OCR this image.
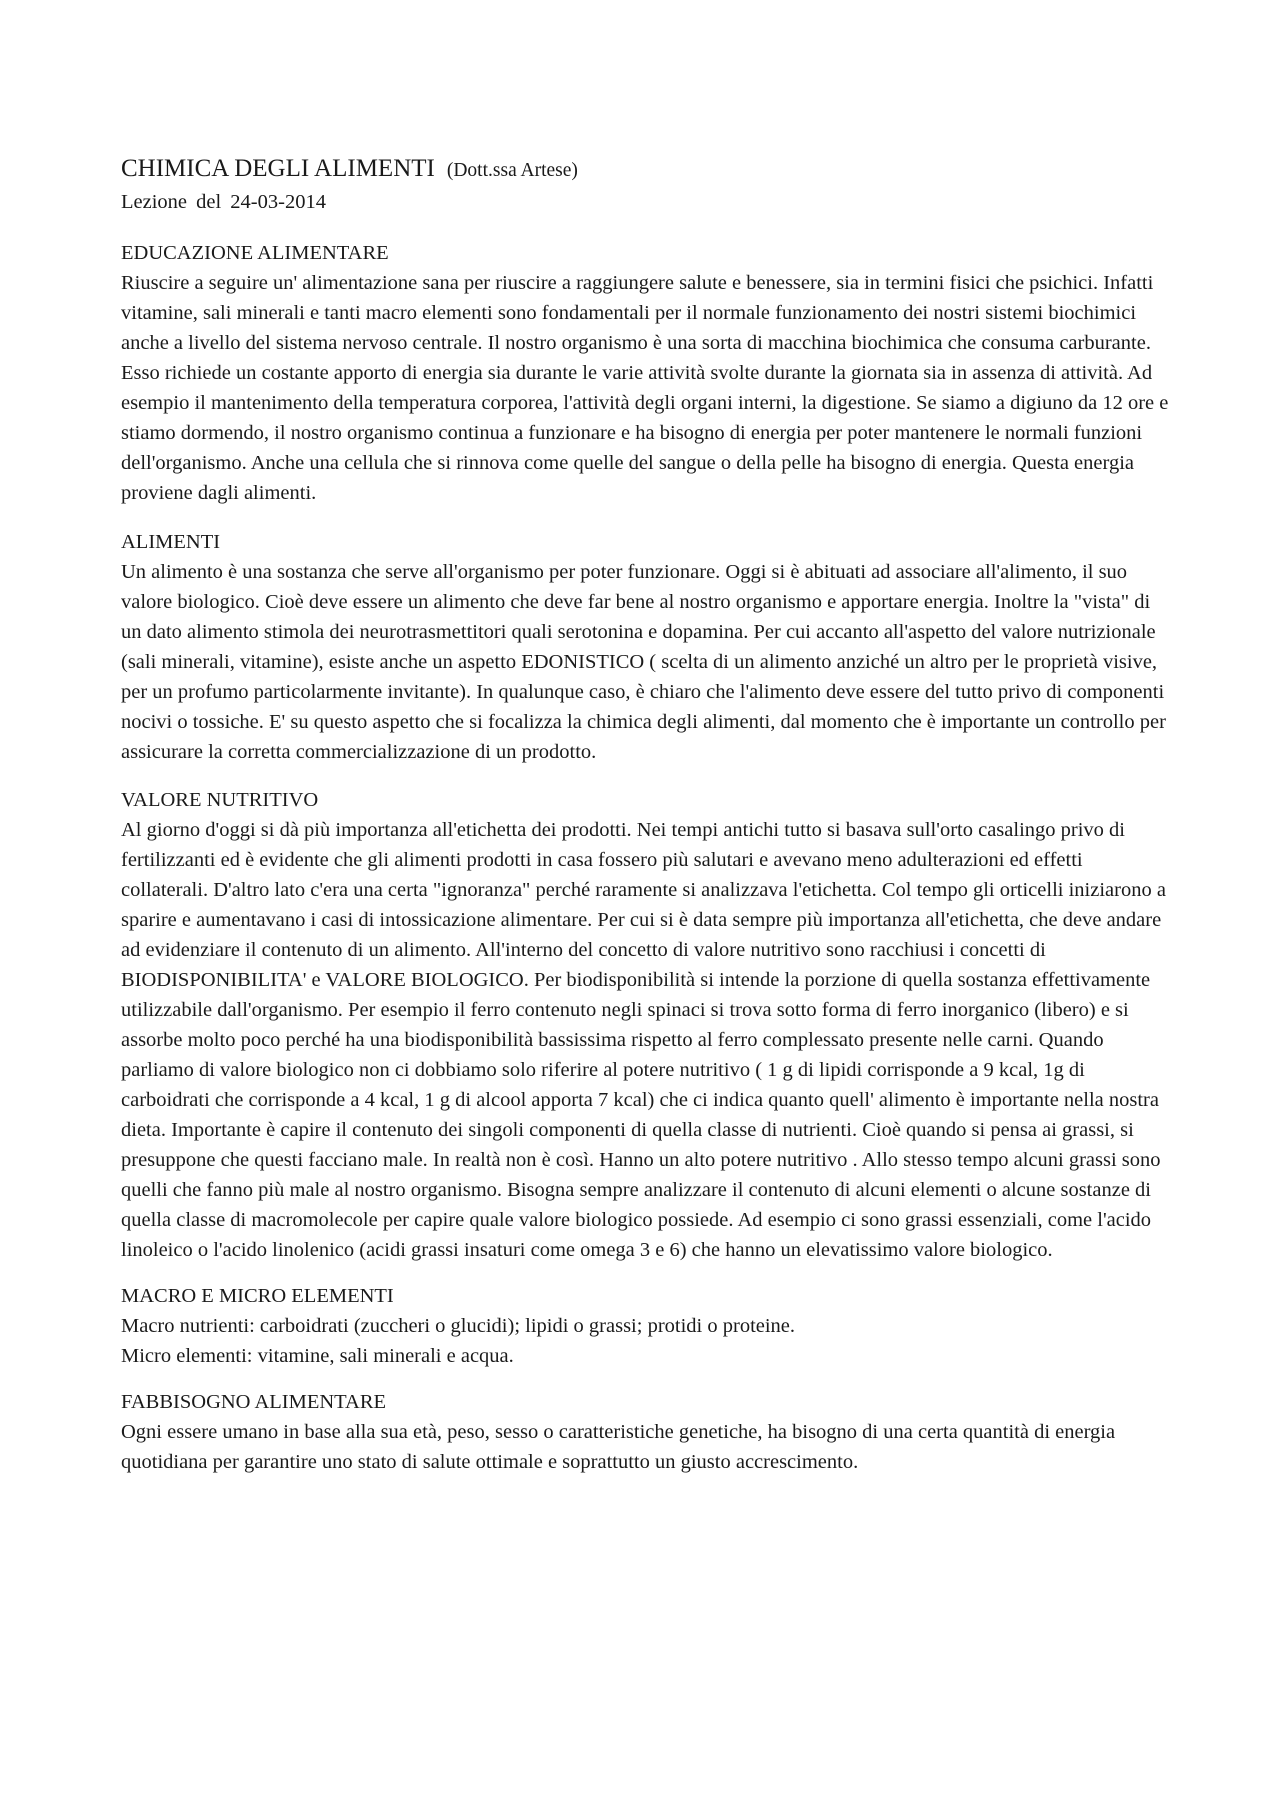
CHIMICA DEGLI ALIMENTI (Dott.ssa Artese)

Lezione del 24-03-2014

EDUCAZIONE ALIMENTARE

Riuscire a seguire un' alimentazione sana per riuscire a raggiungere salute e benessere, sia in termini fisici che psichici. Infatti vitamine, sali minerali e tanti macro elementi sono fondamentali per il normale funzionamento dei nostri sistemi biochimici anche a livello del sistema nervoso centrale. Il nostro organismo è una sorta di macchina biochimica che consuma carburante. Esso richiede un costante apporto di energia sia durante le varie attività svolte durante la giornata sia in assenza di attività. Ad esempio il mantenimento della temperatura corporea, l'attività degli organi interni, la digestione. Se siamo a digiuno da 12 ore e stiamo dormendo, il nostro organismo continua a funzionare e ha bisogno di energia per poter mantenere le normali funzioni dell'organismo. Anche una cellula che si rinnova come quelle del sangue o della pelle ha bisogno di energia. Questa energia proviene dagli alimenti.

ALIMENTI

Un alimento è una sostanza che serve all'organismo per poter funzionare. Oggi si è abituati ad associare all'alimento, il suo valore biologico. Cioè deve essere un alimento che deve far bene al nostro organismo e apportare energia. Inoltre la "vista" di un dato alimento stimola dei neurotrasmettitori quali serotonina e dopamina. Per cui accanto all'aspetto del valore nutrizionale (sali minerali, vitamine), esiste anche un aspetto EDONISTICO ( scelta di un alimento anziché un altro per le proprietà visive, per un profumo particolarmente invitante). In qualunque caso, è chiaro che l'alimento deve essere del tutto privo di componenti nocivi o tossiche. E' su questo aspetto che si focalizza la chimica degli alimenti, dal momento che è importante un controllo per assicurare la corretta commercializzazione di un prodotto.

VALORE NUTRITIVO

Al giorno d'oggi si dà più importanza all'etichetta dei prodotti. Nei tempi antichi tutto si basava sull'orto casalingo privo di fertilizzanti ed è evidente che gli alimenti prodotti in casa fossero più salutari e avevano meno adulterazioni ed effetti collaterali. D'altro lato c'era una certa "ignoranza" perché raramente si analizzava l'etichetta. Col tempo gli orticelli iniziarono a sparire e aumentavano i casi di intossicazione alimentare. Per cui si è data sempre più importanza all'etichetta, che deve andare ad evidenziare il contenuto di un alimento. All'interno del concetto di valore nutritivo sono racchiusi i concetti di BIODISPONIBILITA' e VALORE BIOLOGICO. Per biodisponibilità si intende la porzione di quella sostanza effettivamente utilizzabile dall'organismo. Per esempio il ferro contenuto negli spinaci si trova sotto forma di ferro inorganico (libero) e si assorbe molto poco perché ha una biodisponibilità bassissima rispetto al ferro complessato presente nelle carni. Quando parliamo di valore biologico non ci dobbiamo solo riferire al potere nutritivo ( 1 g di lipidi corrisponde a 9 kcal, 1g di carboidrati che corrisponde a 4 kcal, 1 g di alcool apporta 7 kcal) che ci indica quanto quell' alimento è importante nella nostra dieta. Importante è capire il contenuto dei singoli componenti di quella classe di nutrienti. Cioè quando si pensa ai grassi, si presuppone che questi facciano male. In realtà non è così. Hanno un alto potere nutritivo . Allo stesso tempo alcuni grassi sono quelli che fanno più male al nostro organismo. Bisogna sempre analizzare il contenuto di alcuni elementi o alcune sostanze di quella classe di macromolecole per capire quale valore biologico possiede. Ad esempio ci sono grassi essenziali, come l'acido linoleico o l'acido linolenico (acidi grassi insaturi come omega 3 e 6) che hanno un elevatissimo valore biologico.

MACRO E MICRO ELEMENTI

Macro nutrienti: carboidrati (zuccheri o glucidi); lipidi o grassi; protidi o proteine.

Micro elementi: vitamine, sali minerali e acqua.

FABBISOGNO ALIMENTARE

Ogni essere umano in base alla sua età, peso, sesso o caratteristiche genetiche, ha bisogno di una certa quantità di energia quotidiana per garantire uno stato di salute ottimale e soprattutto un giusto accrescimento.
